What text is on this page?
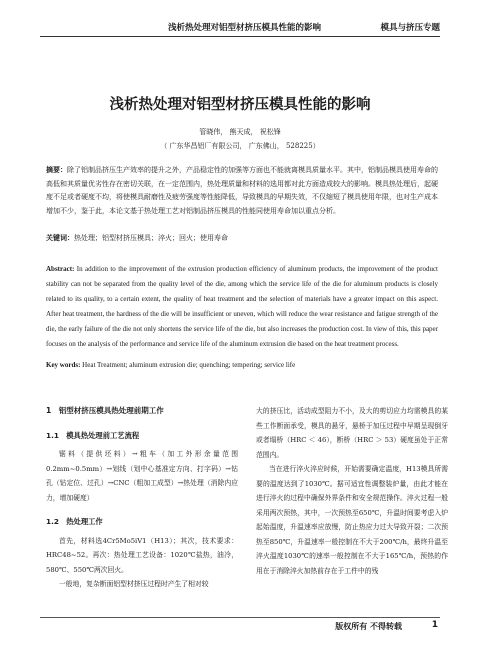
浅析热处理对铝型材挤压模具性能的影响	模具与挤压专题
浅析热处理对铝型材挤压模具性能的影响
管晓伟， 熊天成， 祝松锋
（ 广东华昌铝厂有限公司， 广东佛山， 528225）
摘要：除了铝制品挤压生产效率的提升之外，产品稳定性的加强等方面也不能就离模具质量水平。其中，铝制品模具使用寿命的高低和其质量优劣性存在密切关联，在一定范围内，热处理质量和材料的选用都对此方面造成较大的影响。模具热处理后，起硬度不足或者硬度不均，将使模具耐磨性及疲劳强度等性能降低，导致模具的早期失效，不仅缩短了模具使用年限，也对生产成本增加不少，鉴于此，本论文基于热处理工艺对铝制品挤压模具的性能同使用寿命加以重点分析。
关键词：热处理；铝型材挤压模具；淬火；回火；使用寿命
Abstract: In addition to the improvement of the extrusion production efficiency of aluminum products, the improvement of the product stability can not be separated from the quality level of the die, among which the service life of the die for aluminum products is closely related to its quality, to a certain extent, the quality of heat treatment and the selection of materials have a greater impact on this aspect. After heat treatment, the hardness of the die will be insufficient or uneven, which will reduce the wear resistance and fatigue strength of the die, the early failure of the die not only shortens the service life of the die, but also increases the production cost. In view of this, this paper focuses on the analysis of the performance and service life of the aluminum extrusion die based on the heat treatment process.
Key words: Heat Treatment; aluminum extrusion die; quenching; tempering; service life
1　铝型材挤压模具热处理前期工作
1.1　模具热处理前工艺流程

锯料（提供坯料）→粗车（加工外形余量范围0.2mm~0.5mm）→划线（划中心基准定方向、打字码）→钻孔（钻定位、过孔）→CNC（粗加工成型）→热处理（消除内应力，增加硬度）

1.2　热处理工作

首先，材料选4Cr5Mo5iV1（H13）；其次，技术要求：HRC48~52。再次：热处理工艺设备：1020℃盐热，油冷，580℃、550℃两次回火。

一般地，复杂断面铝型材挤压过程时产生了相对较

大的挤压比，活动成型阻力不小，及大的剪切应力均需模具的某些工作断面承受，模具的悬牙，悬桥于加压过程中早期呈现倒牙或者塌桥（HRC ＜ 46），断桥（HRC ＞ 53）硬度虽处于正常范围内。

当在进行淬火淬应时候，开始需要确定温度，H13模具所需要的温度达到了1030℃。据可适宜性调整装炉量，由此才能在进行淬火的过程中确保外界条件和安全规范操作。淬火过程一般采用两次预热，其中，一次预热至650℃，升温时间要考虑入炉起始温度，升温速率应放慢，防止热应力过大导致开裂；二次预热至850℃，升温速率一般控制在不大于200℃/h，最终升温至淬火温度1030℃的速率一般控制在不大于165℃/h，预热的作用在于消除淬火加热前存在于工件中的残

版权所有 不得转载	1
